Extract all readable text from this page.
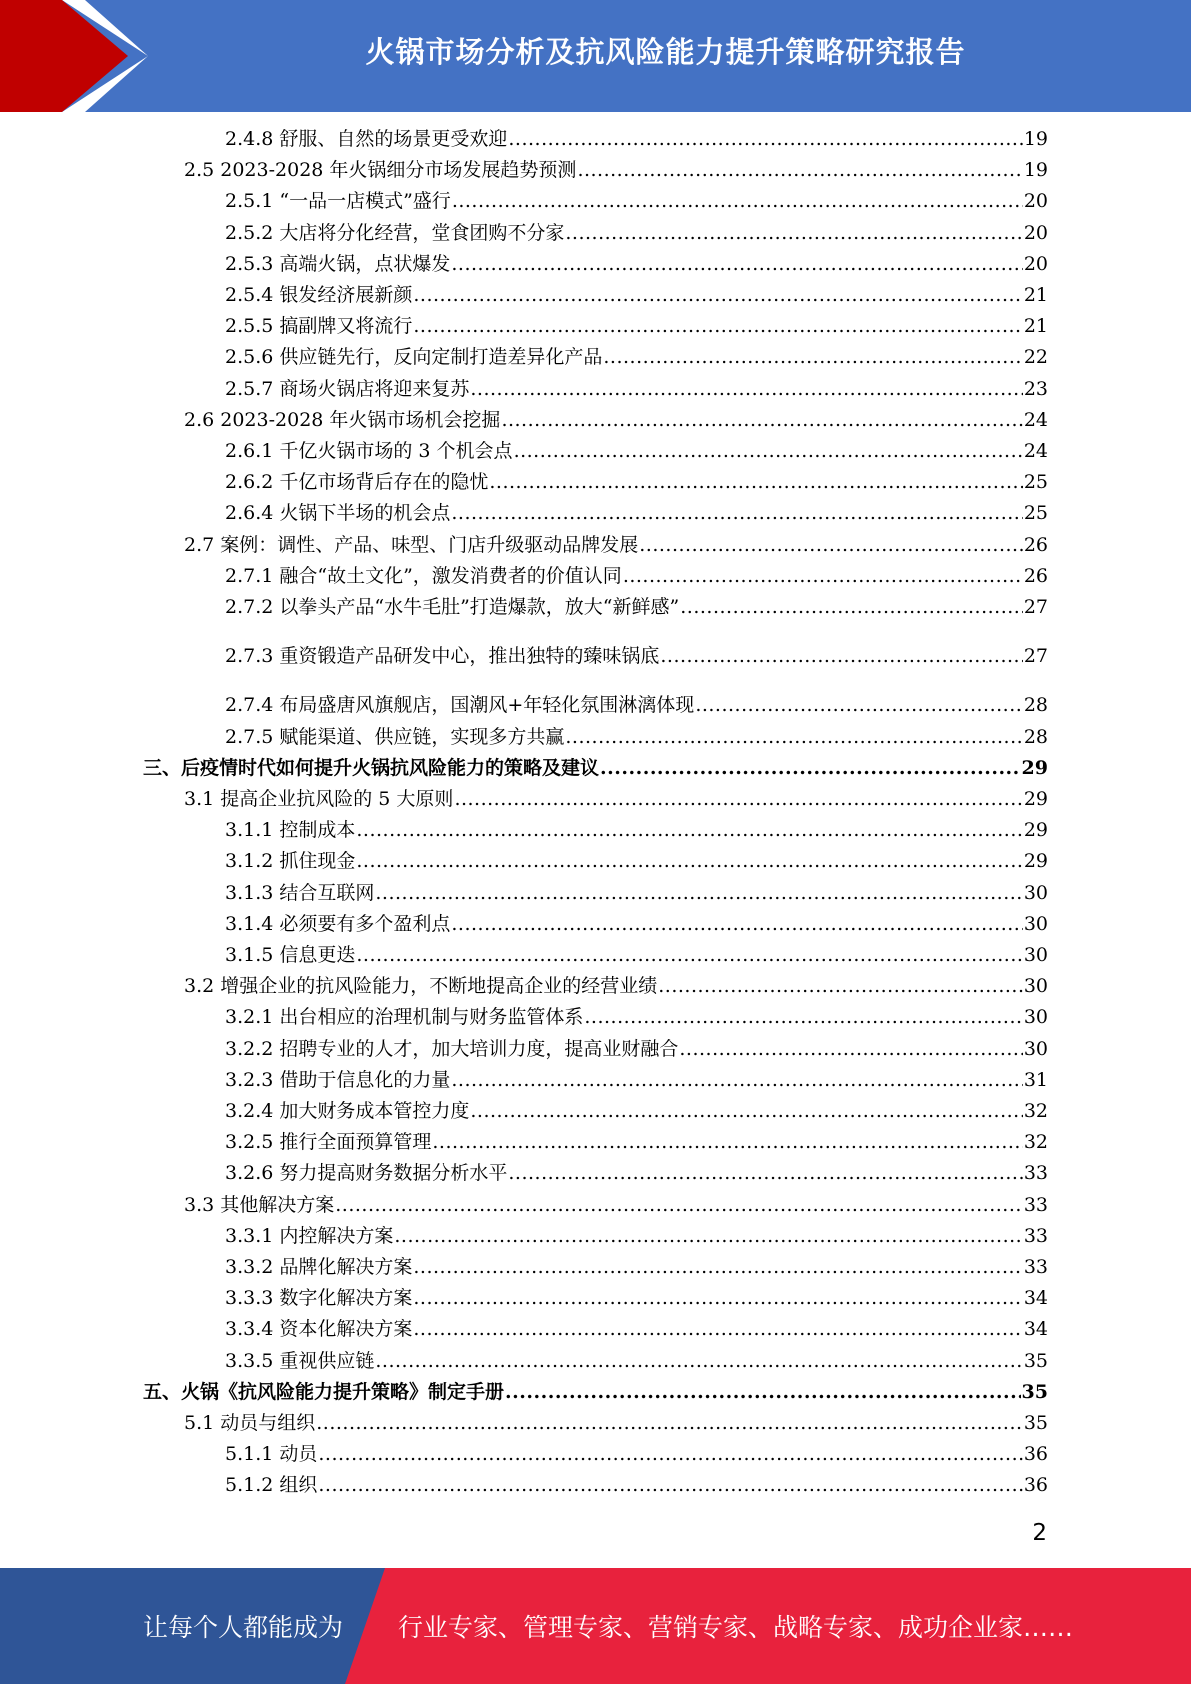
火锅市场分析及抗风险能力提升策略研究报告
2.4.8 舒服、自然的场景更受欢迎 .....	19
2.5 2023-2028 年火锅细分市场发展趋势预测 .....	19
2.5.1 “一品一店模式”盛行 .....	20
2.5.2 大店将分化经营，堂食团购不分家 .....	20
2.5.3 高端火锅，点状爆发 .....	20
2.5.4 银发经济展新颜 .....	21
2.5.5 搞副牌又将流行 .....	21
2.5.6 供应链先行，反向定制打造差异化产品 .....	22
2.5.7 商场火锅店将迎来复苏 .....	23
2.6 2023-2028 年火锅市场机会挖掘 .....	24
2.6.1 千亿火锅市场的 3 个机会点 .....	24
2.6.2 千亿市场背后存在的隐忧 .....	25
2.6.4 火锅下半场的机会点 .....	25
2.7 案例：调性、产品、味型、门店升级驱动品牌发展 .....	26
2.7.1 融合“故土文化”，激发消费者的价值认同 .....	26
2.7.2 以拳头产品“水牛毛肚”打造爆款，放大“新鲜感” .....	27
2.7.3 重资锻造产品研发中心，推出独特的臻味锅底 .....	27
2.7.4 布局盛唐风旗舰店，国潮风+年轻化氛围淋漓体现 .....	28
2.7.5 赋能渠道、供应链，实现多方共赢 .....	28
三、后疫情时代如何提升火锅抗风险能力的策略及建议 .....	29
3.1 提高企业抗风险的 5 大原则 .....	29
3.1.1 控制成本 .....	29
3.1.2 抓住现金 .....	29
3.1.3 结合互联网 .....	30
3.1.4 必须要有多个盈利点 .....	30
3.1.5 信息更迭 .....	30
3.2 增强企业的抗风险能力，不断地提高企业的经营业绩 .....	30
3.2.1 出台相应的治理机制与财务监管体系 .....	30
3.2.2 招聘专业的人才，加大培训力度，提高业财融合 .....	30
3.2.3 借助于信息化的力量 .....	31
3.2.4 加大财务成本管控力度 .....	32
3.2.5 推行全面预算管理 .....	32
3.2.6 努力提高财务数据分析水平 .....	33
3.3 其他解决方案 .....	33
3.3.1 内控解决方案 .....	33
3.3.2 品牌化解决方案 .....	33
3.3.3 数字化解决方案 .....	34
3.3.4 资本化解决方案 .....	34
3.3.5 重视供应链 .....	35
五、火锅《抗风险能力提升策略》制定手册 .....	35
5.1 动员与组织 .....	35
5.1.1 动员 .....	36
5.1.2 组织 .....	36
2
让每个人都能成为 行业专家、管理专家、营销专家、战略专家、成功企业家……
